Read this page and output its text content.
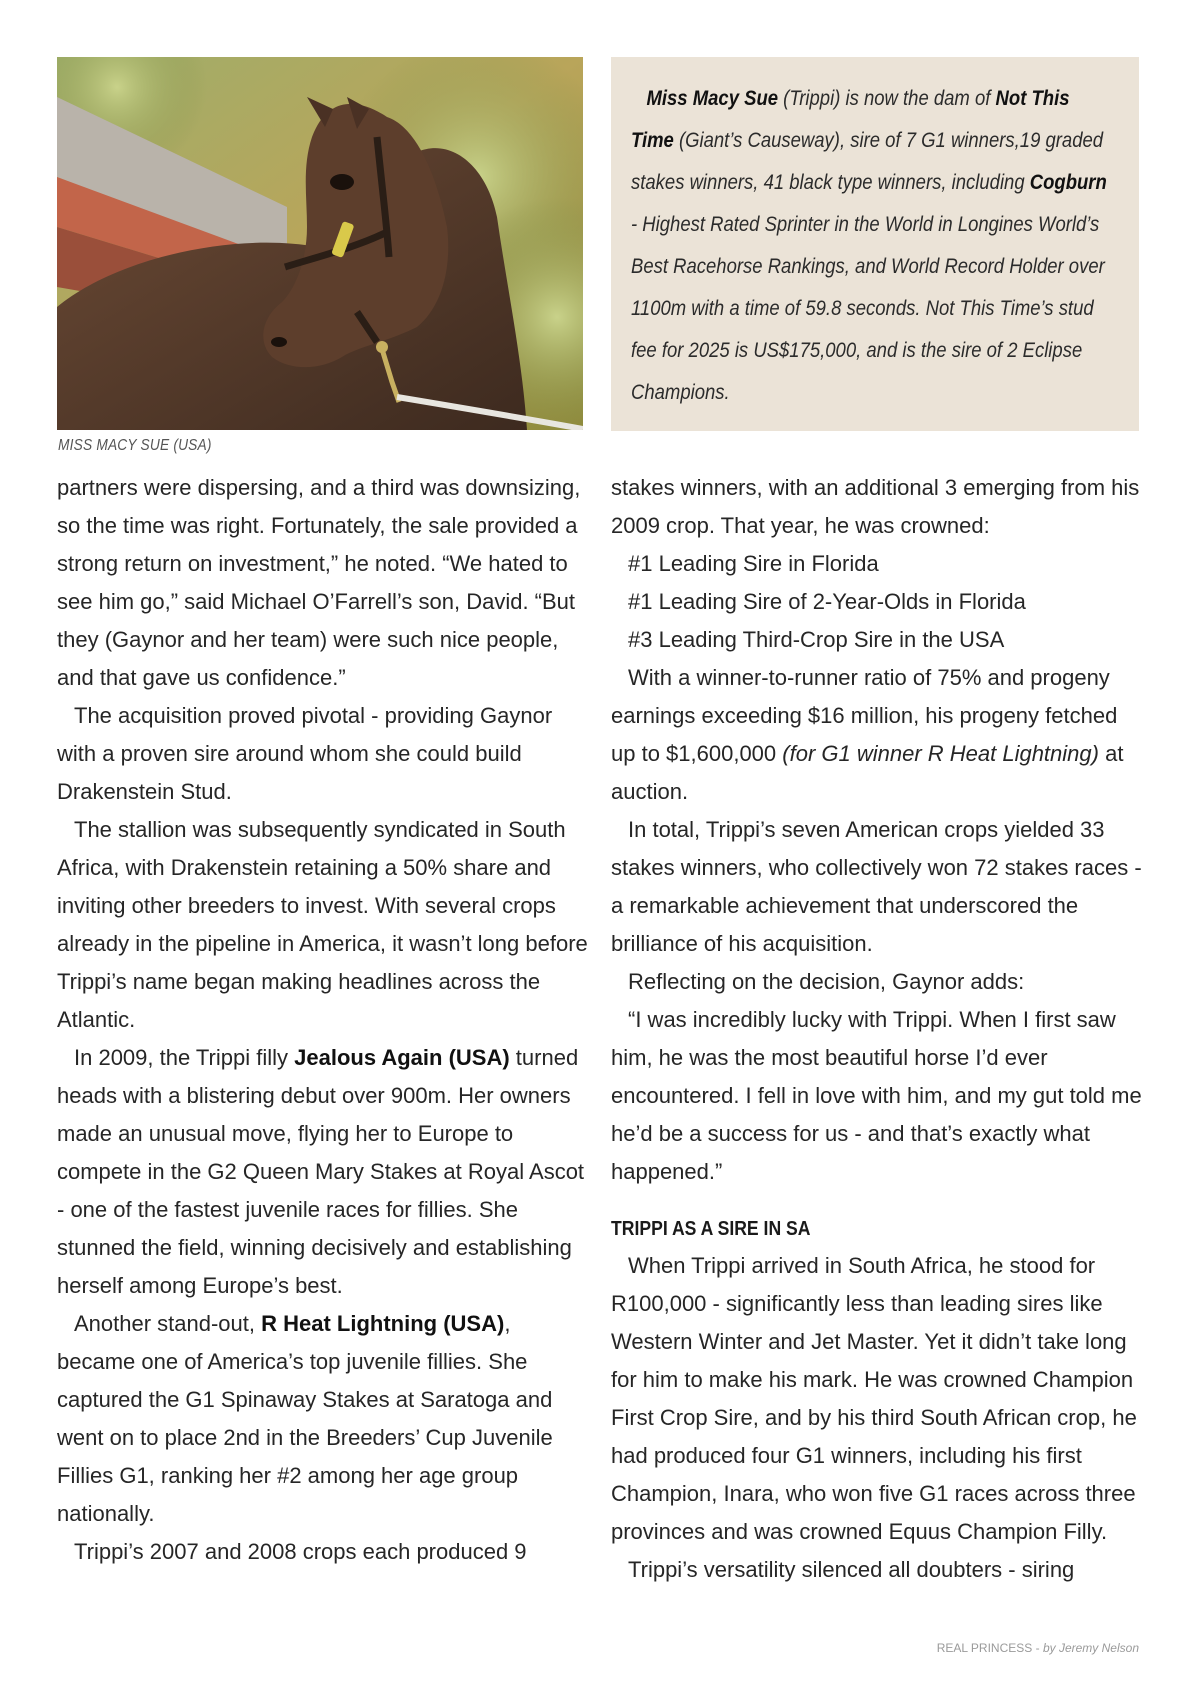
MISS MACY SUE (USA)

Miss Macy Sue (Trippi) is now the dam of Not This Time (Giant’s Causeway), sire of 7 G1 winners,19 graded stakes winners, 41 black type winners, including Cogburn - Highest Rated Sprinter in the World in Longines World’s Best Racehorse Rankings, and World Record Holder over 1100m with a time of 59.8 seconds. Not This Time’s stud fee for 2025 is US$175,000, and is the sire of 2 Eclipse Champions.

partners were dispersing, and a third was downsizing, so the time was right. Fortunately, the sale provided a strong return on investment,” he noted. “We hated to see him go,” said Michael O’Farrell’s son, David. “But they (Gaynor and her team) were such nice people, and that gave us confidence.”

The acquisition proved pivotal - providing Gaynor with a proven sire around whom she could build Drakenstein Stud.

The stallion was subsequently syndicated in South Africa, with Drakenstein retaining a 50% share and inviting other breeders to invest. With several crops already in the pipeline in America, it wasn’t long before Trippi’s name began making headlines across the Atlantic.

In 2009, the Trippi filly Jealous Again (USA) turned heads with a blistering debut over 900m. Her owners made an unusual move, flying her to Europe to compete in the G2 Queen Mary Stakes at Royal Ascot - one of the fastest juvenile races for fillies. She stunned the field, winning decisively and establishing herself among Europe’s best.

Another stand-out, R Heat Lightning (USA), became one of America’s top juvenile fillies. She captured the G1 Spinaway Stakes at Saratoga and went on to place 2nd in the Breeders’ Cup Juvenile Fillies G1, ranking her #2 among her age group nationally.

Trippi’s 2007 and 2008 crops each produced 9

stakes winners, with an additional 3 emerging from his 2009 crop. That year, he was crowned:

#1 Leading Sire in Florida

#1 Leading Sire of 2-Year-Olds in Florida

#3 Leading Third-Crop Sire in the USA

With a winner-to-runner ratio of 75% and progeny earnings exceeding $16 million, his progeny fetched up to $1,600,000 (for G1 winner R Heat Lightning) at auction.

In total, Trippi’s seven American crops yielded 33 stakes winners, who collectively won 72 stakes races - a remarkable achievement that underscored the brilliance of his acquisition.

Reflecting on the decision, Gaynor adds:

“I was incredibly lucky with Trippi. When I first saw him, he was the most beautiful horse I’d ever encountered. I fell in love with him, and my gut told me he’d be a success for us - and that’s exactly what happened.”

TRIPPI AS A SIRE IN SA

When Trippi arrived in South Africa, he stood for R100,000 - significantly less than leading sires like Western Winter and Jet Master. Yet it didn’t take long for him to make his mark. He was crowned Champion First Crop Sire, and by his third South African crop, he had produced four G1 winners, including his first Champion, Inara, who won five G1 races across three provinces and was crowned Equus Champion Filly.

Trippi’s versatility silenced all doubters - siring

REAL PRINCESS - by Jeremy Nelson
